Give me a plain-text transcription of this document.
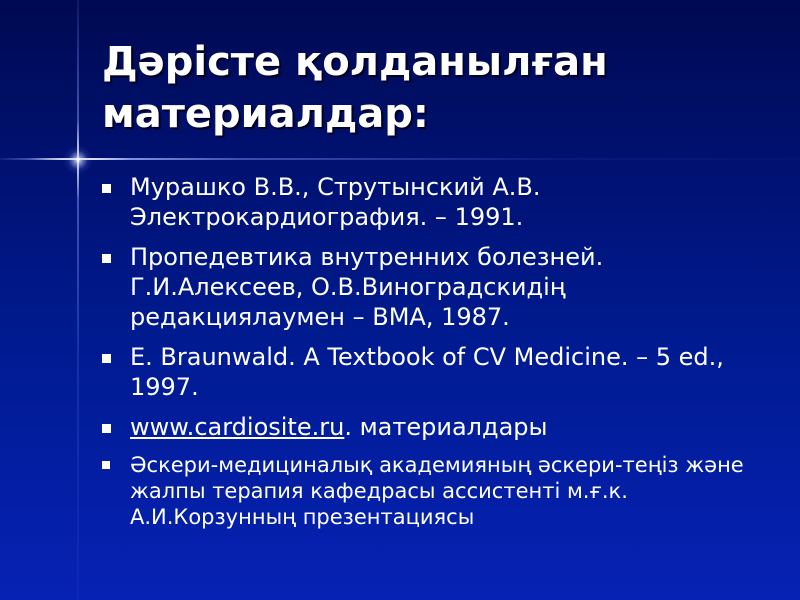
Дәрісте қолданылған
материалдар:
Мурашко В.В., Струтынский А.В. Электрокардиография. – 1991.
Пропедевтика внутренних болезней. Г.И.Алексеев, О.В.Виноградскидің редакциялаумен – ВМА, 1987.
E. Braunwald. A Textbook of CV Medicine. – 5 ed., 1997.
www.cardiosite.ru. материалдары
Әскери-медициналық академияның әскери-теңіз және жалпы терапия кафедрасы ассистенті м.ғ.к. А.И.Корзунның презентациясы
